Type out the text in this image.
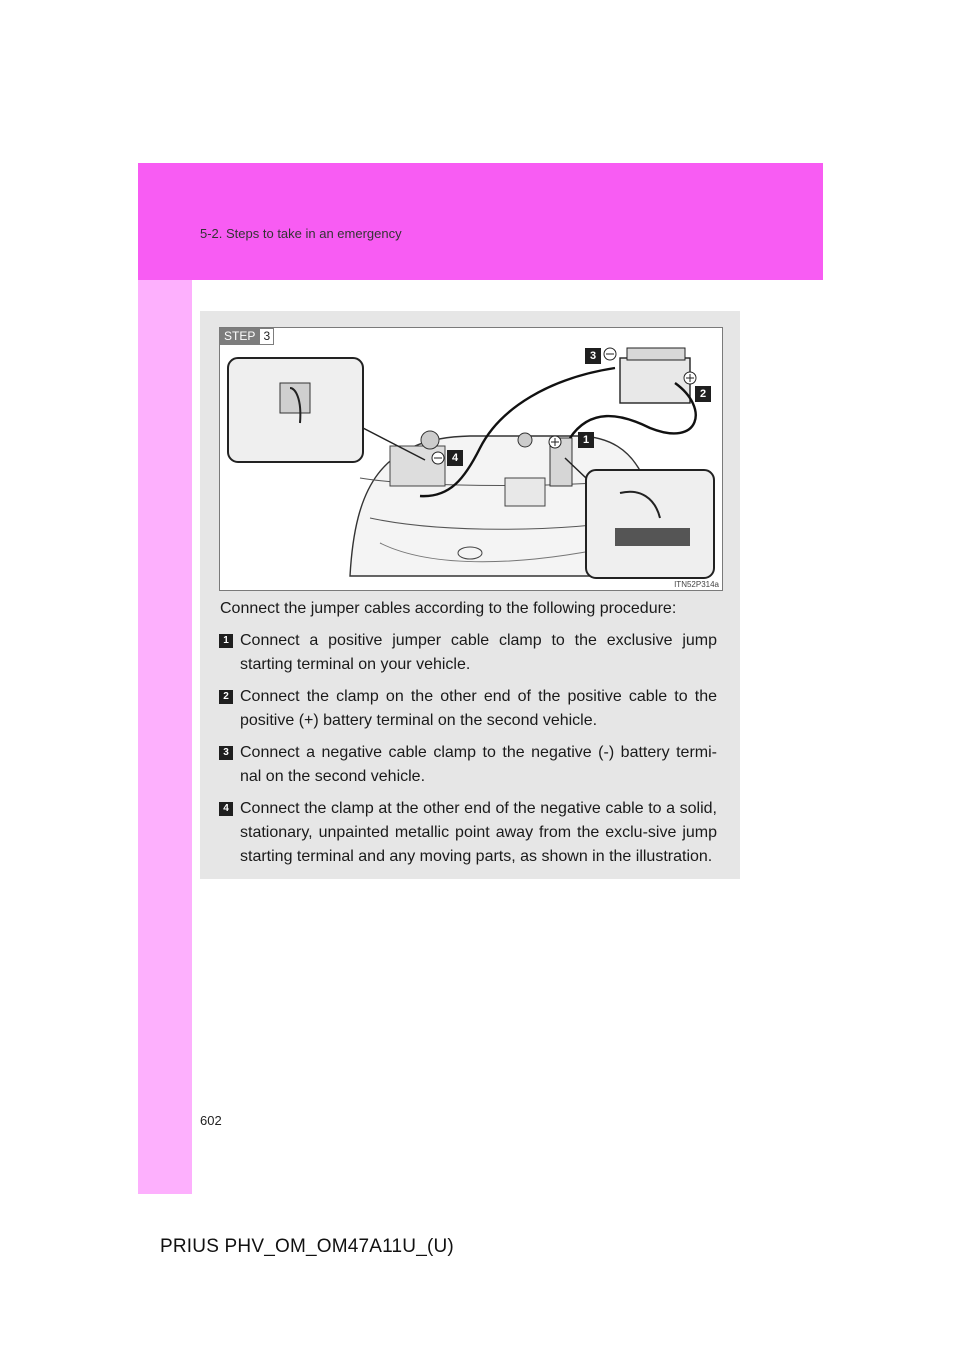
5-2. Steps to take in an emergency
STEP 3
3
2
1
4
ITN52P314a
Connect the jumper cables according to the following procedure:
1 Connect a positive jumper cable clamp to the exclusive jump starting terminal on your vehicle.
2 Connect the clamp on the other end of the positive cable to the positive (+) battery terminal on the second vehicle.
3 Connect a negative cable clamp to the negative (-) battery termi-nal on the second vehicle.
4 Connect the clamp at the other end of the negative cable to a solid, stationary, unpainted metallic point away from the exclu-sive jump starting terminal and any moving parts, as shown in the illustration.
602
PRIUS PHV_OM_OM47A11U_(U)
